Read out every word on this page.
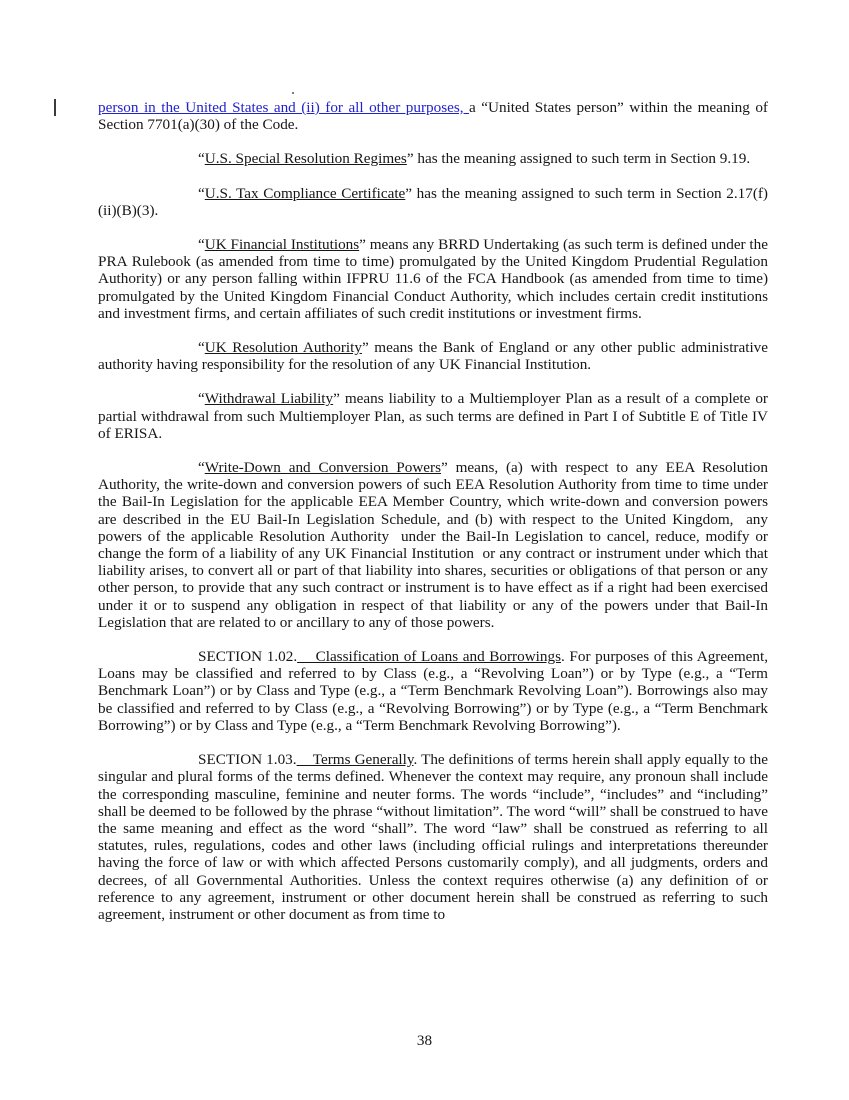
person in the United States and (ii) for all other purposes, a “United States person” within the meaning of Section 7701(a)(30) of the Code.

“U.S. Special Resolution Regimes” has the meaning assigned to such term in Section 9.19.

“U.S. Tax Compliance Certificate” has the meaning assigned to such term in Section 2.17(f)(ii)(B)(3).

“UK Financial Institutions” means any BRRD Undertaking (as such term is defined under the PRA Rulebook (as amended from time to time) promulgated by the United Kingdom Prudential Regulation Authority) or any person falling within IFPRU 11.6 of the FCA Handbook (as amended from time to time) promulgated by the United Kingdom Financial Conduct Authority, which includes certain credit institutions and investment firms, and certain affiliates of such credit institutions or investment firms.

“UK Resolution Authority” means the Bank of England or any other public administrative authority having responsibility for the resolution of any UK Financial Institution.

“Withdrawal Liability” means liability to a Multiemployer Plan as a result of a complete or partial withdrawal from such Multiemployer Plan, as such terms are defined in Part I of Subtitle E of Title IV of ERISA.

“Write-Down and Conversion Powers” means, (a) with respect to any EEA Resolution Authority, the write-down and conversion powers of such EEA Resolution Authority from time to time under the Bail-In Legislation for the applicable EEA Member Country, which write-down and conversion powers are described in the EU Bail-In Legislation Schedule, and (b) with respect to the United Kingdom,  any powers of the applicable Resolution Authority  under the Bail-In Legislation to cancel, reduce, modify or change the form of a liability of any UK Financial Institution  or any contract or instrument under which that liability arises, to convert all or part of that liability into shares, securities or obligations of that person or any other person, to provide that any such contract or instrument is to have effect as if a right had been exercised under it or to suspend any obligation in respect of that liability or any of the powers under that Bail-In Legislation that are related to or ancillary to any of those powers.

SECTION 1.02.    Classification of Loans and Borrowings. For purposes of this Agreement, Loans may be classified and referred to by Class (e.g., a “Revolving Loan”) or by Type (e.g., a “Term Benchmark Loan”) or by Class and Type (e.g., a “Term Benchmark Revolving Loan”). Borrowings also may be classified and referred to by Class (e.g., a “Revolving Borrowing”) or by Type (e.g., a “Term Benchmark Borrowing”) or by Class and Type (e.g., a “Term Benchmark Revolving Borrowing”).

SECTION 1.03.    Terms Generally. The definitions of terms herein shall apply equally to the singular and plural forms of the terms defined. Whenever the context may require, any pronoun shall include the corresponding masculine, feminine and neuter forms. The words “include”, “includes” and “including” shall be deemed to be followed by the phrase “without limitation”. The word “will” shall be construed to have the same meaning and effect as the word “shall”. The word “law” shall be construed as referring to all statutes, rules, regulations, codes and other laws (including official rulings and interpretations thereunder having the force of law or with which affected Persons customarily comply), and all judgments, orders and decrees, of all Governmental Authorities. Unless the context requires otherwise (a) any definition of or reference to any agreement, instrument or other document herein shall be construed as referring to such agreement, instrument or other document as from time to

38
